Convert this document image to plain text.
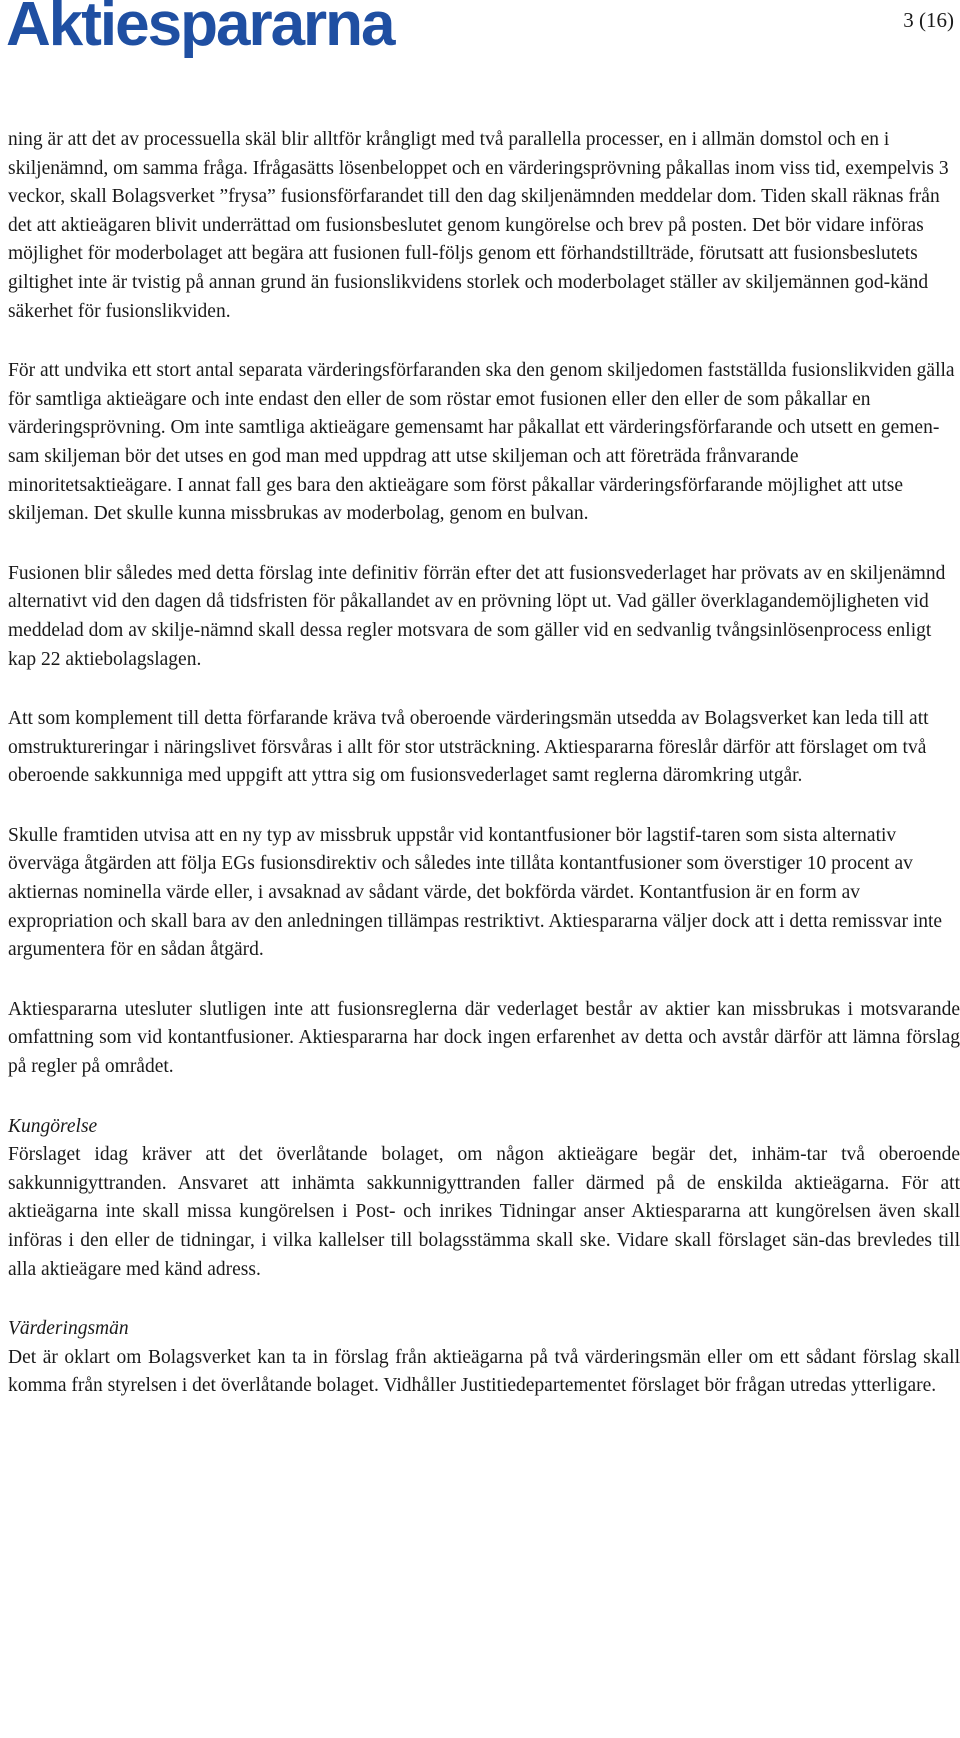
Aktiespararna	3 (16)

ning är att det av processuella skäl blir alltför krångligt med två parallella processer, en i allmän domstol och en i skiljenämnd, om samma fråga. Ifrågasätts lösenbeloppet och en värderingsprövning påkallas inom viss tid, exempelvis 3 veckor, skall Bolagsverket ”frysa” fusionsförfarandet till den dag skiljenämnden meddelar dom. Tiden skall räknas från det att aktieägaren blivit underrättad om fusionsbeslutet genom kungörelse och brev på posten. Det bör vidare införas möjlighet för moderbolaget att begära att fusionen full-följs genom ett förhandstillträde, förutsatt att fusionsbeslutets giltighet inte är tvistig på annan grund än fusionslikvidens storlek och moderbolaget ställer av skiljemännen god-känd säkerhet för fusionslikviden.

För att undvika ett stort antal separata värderingsförfaranden ska den genom skiljedomen fastställda fusionslikviden gälla för samtliga aktieägare och inte endast den eller de som röstar emot fusionen eller den eller de som påkallar en värderingsprövning. Om inte samtliga aktieägare gemensamt har påkallat ett värderingsförfarande och utsett en gemen-sam skiljeman bör det utses en god man med uppdrag att utse skiljeman och att företräda frånvarande minoritetsaktieägare. I annat fall ges bara den aktieägare som först påkallar värderingsförfarande möjlighet att utse skiljeman. Det skulle kunna missbrukas av moderbolag, genom en bulvan.

Fusionen blir således med detta förslag inte definitiv förrän efter det att fusionsvederlaget har prövats av en skiljenämnd alternativt vid den dagen då tidsfristen för påkallandet av en prövning löpt ut. Vad gäller överklagandemöjligheten vid meddelad dom av skilje-nämnd skall dessa regler motsvara de som gäller vid en sedvanlig tvångsinlösenprocess enligt kap 22 aktiebolagslagen.

Att som komplement till detta förfarande kräva två oberoende värderingsmän utsedda av Bolagsverket kan leda till att omstruktureringar i näringslivet försvåras i allt för stor utsträckning. Aktiespararna föreslår därför att förslaget om två oberoende sakkunniga med uppgift att yttra sig om fusionsvederlaget samt reglerna däromkring utgår.

Skulle framtiden utvisa att en ny typ av missbruk uppstår vid kontantfusioner bör lagstif-taren som sista alternativ överväga åtgärden att följa EGs fusionsdirektiv och således inte tillåta kontantfusioner som överstiger 10 procent av aktiernas nominella värde eller, i avsaknad av sådant värde, det bokförda värdet. Kontantfusion är en form av expropriation och skall bara av den anledningen tillämpas restriktivt. Aktiespararna väljer dock att i detta remissvar inte argumentera för en sådan åtgärd.

Aktiespararna utesluter slutligen inte att fusionsreglerna där vederlaget består av aktier kan missbrukas i motsvarande omfattning som vid kontantfusioner. Aktiespararna har dock ingen erfarenhet av detta och avstår därför att lämna förslag på regler på området.

Kungörelse

Förslaget idag kräver att det överlåtande bolaget, om någon aktieägare begär det, inhäm-tar två oberoende sakkunnigyttranden. Ansvaret att inhämta sakkunnigyttranden faller därmed på de enskilda aktieägarna. För att aktieägarna inte skall missa kungörelsen i Post- och inrikes Tidningar anser Aktiespararna att kungörelsen även skall införas i den eller de tidningar, i vilka kallelser till bolagsstämma skall ske. Vidare skall förslaget sän-das brevledes till alla aktieägare med känd adress.

Värderingsmän

Det är oklart om Bolagsverket kan ta in förslag från aktieägarna på två värderingsmän eller om ett sådant förslag skall komma från styrelsen i det överlåtande bolaget. Vidhåller Justitiedepartementet förslaget bör frågan utredas ytterligare.
